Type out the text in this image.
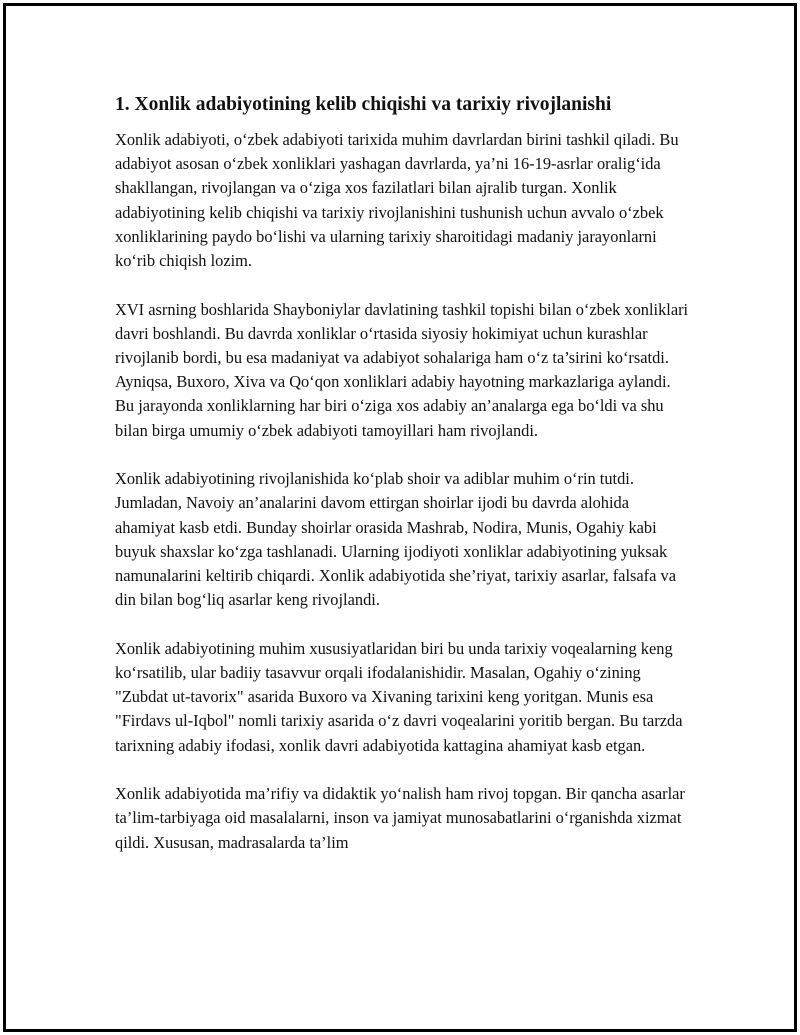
1. Xonlik adabiyotining kelib chiqishi va tarixiy rivojlanishi

Xonlik adabiyoti, o‘zbek adabiyoti tarixida muhim davrlardan birini tashkil qiladi. Bu adabiyot asosan o‘zbek xonliklari yashagan davrlarda, ya’ni 16-19-asrlar oralig‘ida shakllangan, rivojlangan va o‘ziga xos fazilatlari bilan ajralib turgan. Xonlik adabiyotining kelib chiqishi va tarixiy rivojlanishini tushunish uchun avvalo o‘zbek xonliklarining paydo bo‘lishi va ularning tarixiy sharoitidagi madaniy jarayonlarni ko‘rib chiqish lozim.

XVI asrning boshlarida Shayboniylar davlatining tashkil topishi bilan o‘zbek xonliklari davri boshlandi. Bu davrda xonliklar o‘rtasida siyosiy hokimiyat uchun kurashlar rivojlanib bordi, bu esa madaniyat va adabiyot sohalariga ham o‘z ta’sirini ko‘rsatdi. Ayniqsa, Buxoro, Xiva va Qo‘qon xonliklari adabiy hayotning markazlariga aylandi. Bu jarayonda xonliklarning har biri o‘ziga xos adabiy an’analarga ega bo‘ldi va shu bilan birga umumiy o‘zbek adabiyoti tamoyillari ham rivojlandi.

Xonlik adabiyotining rivojlanishida ko‘plab shoir va adiblar muhim o‘rin tutdi. Jumladan, Navoiy an’analarini davom ettirgan shoirlar ijodi bu davrda alohida ahamiyat kasb etdi. Bunday shoirlar orasida Mashrab, Nodira, Munis, Ogahiy kabi buyuk shaxslar ko‘zga tashlanadi. Ularning ijodiyoti xonliklar adabiyotining yuksak namunalarini keltirib chiqardi. Xonlik adabiyotida she’riyat, tarixiy asarlar, falsafa va din bilan bog‘liq asarlar keng rivojlandi.

Xonlik adabiyotining muhim xususiyatlaridan biri bu unda tarixiy voqealarning keng ko‘rsatilib, ular badiiy tasavvur orqali ifodalanishidir. Masalan, Ogahiy o‘zining "Zubdat ut-tavorix" asarida Buxoro va Xivaning tarixini keng yoritgan. Munis esa "Firdavs ul-Iqbol" nomli tarixiy asarida o‘z davri voqealarini yoritib bergan. Bu tarzda tarixning adabiy ifodasi, xonlik davri adabiyotida kattagina ahamiyat kasb etgan.

Xonlik adabiyotida ma’rifiy va didaktik yo‘nalish ham rivoj topgan. Bir qancha asarlar ta’lim-tarbiyaga oid masalalarni, inson va jamiyat munosabatlarini o‘rganishda xizmat qildi. Xususan, madrasalarda ta’lim
